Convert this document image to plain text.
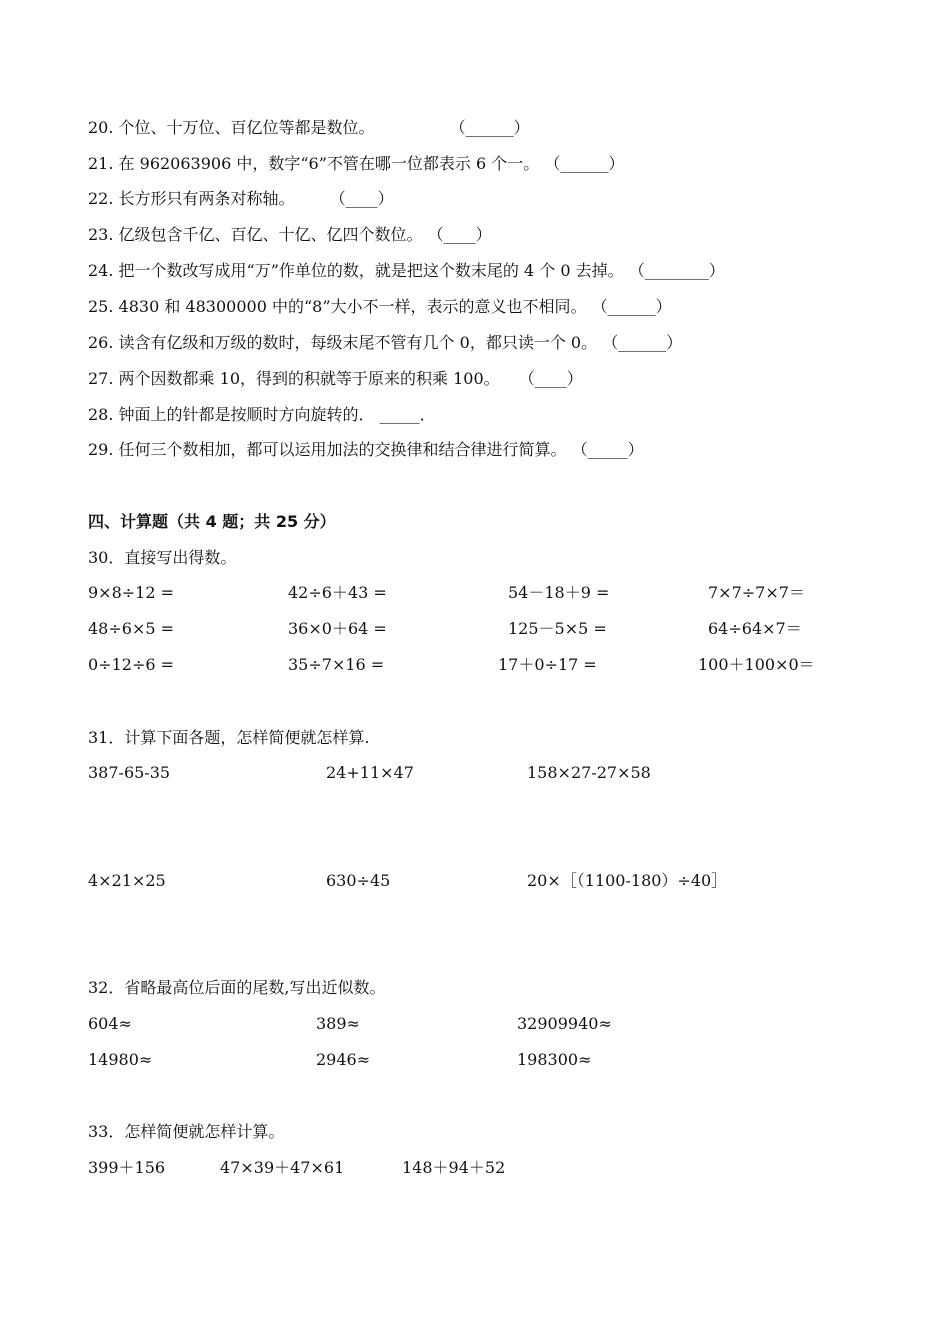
20. 个位、十万位、百亿位等都是数位。	（______）
21. 在 962063906 中，数字“6”不管在哪一位都表示 6 个一。 （______）
22. 长方形只有两条对称轴。 （____）
23. 亿级包含千亿、百亿、十亿、亿四个数位。 （____）
24. 把一个数改写成用“万”作单位的数，就是把这个数末尾的 4 个 0 去掉。 （________）
25. 4830 和 48300000 中的“8”大小不一样，表示的意义也不相同。 （______）
26. 读含有亿级和万级的数时，每级末尾不管有几个 0，都只读一个 0。 （______）
27. 两个因数都乘 10，得到的积就等于原来的积乘 100。 （____）
28. 钟面上的针都是按顺时方向旋转的． _____．
29. 任何三个数相加，都可以运用加法的交换律和结合律进行简算。 （_____）
四、计算题（共 4 题；共 25 分）
30．直接写出得数。
9×8÷12 =	42÷6＋43 =	54－18＋9 =	7×7÷7×7＝
48÷6×5 =	36×0＋64 =	125－5×5 =	64÷64×7＝
0÷12÷6 =	35÷7×16 =	17＋0÷17 =	100＋100×0＝
31．计算下面各题，怎样简便就怎样算.
387-65-35	24+11×47	158×27-27×58
4×21×25	630÷45	20×［（1100-180）÷40］
32．省略最高位后面的尾数,写出近似数。
604≈	389≈	32909940≈
14980≈	2946≈	198300≈
33．怎样简便就怎样计算。
399＋156	47×39＋47×61	148＋94＋52
